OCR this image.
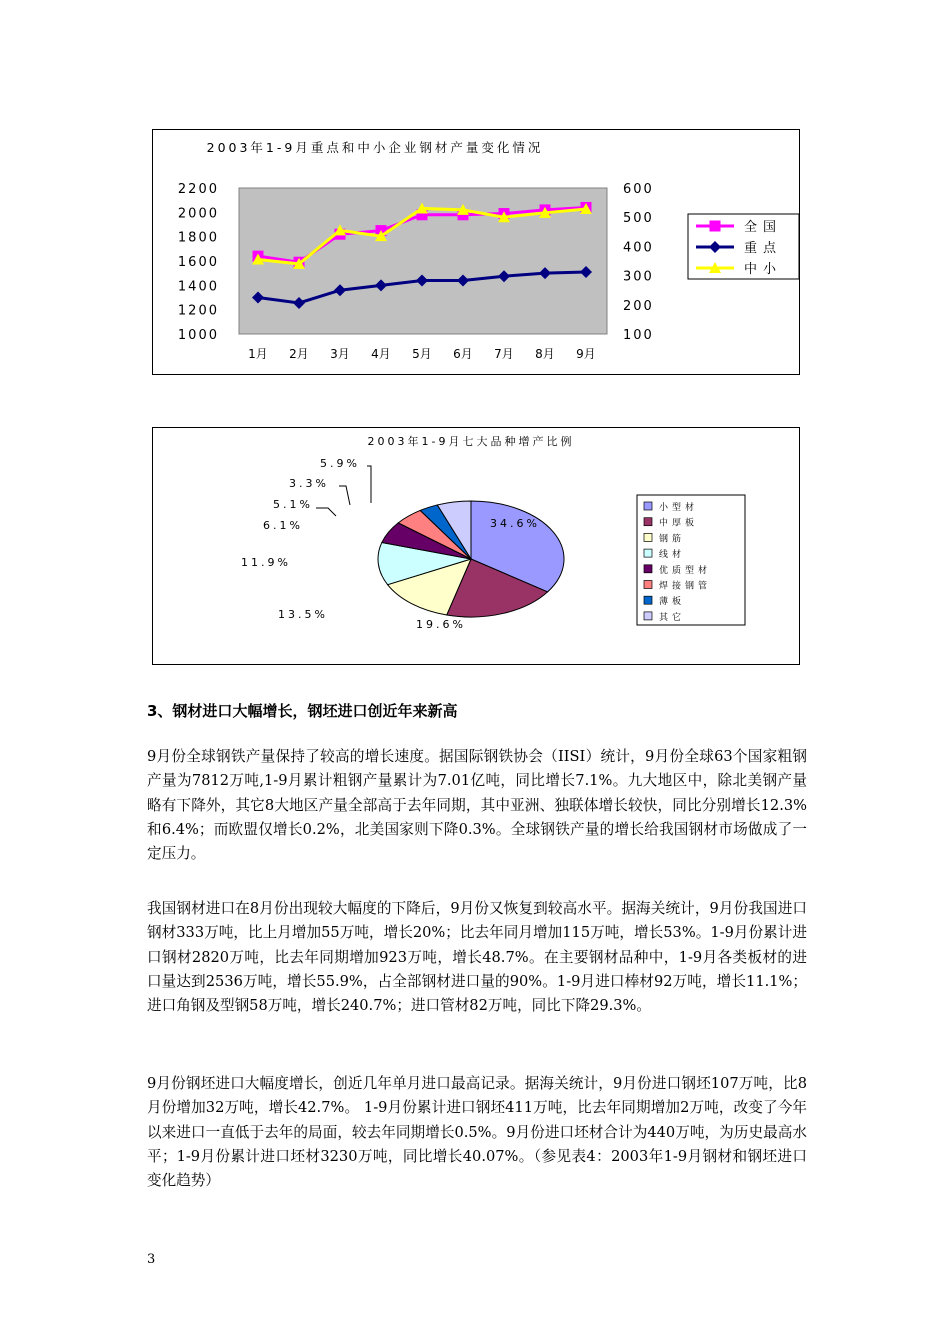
2003年1-9月重点和中小企业钢材产量变化情况
2200
2000
1800
1600
1400
1200
1000
600
500
400
300
200
100
1月 2月 3月 4月 5月 6月 7月 8月 9月
全国
重点
中小
2003年1-9月七大品种增产比例
34.6%
19.6%
13.5%
11.9%
6.1%
5.1%
3.3%
5.9%
小型材
中厚板
钢筋
线材
优质型材
焊接钢管
薄板
其它
3、钢材进口大幅增长，钢坯进口创近年来新高

9月份全球钢铁产量保持了较高的增长速度。据国际钢铁协会（IISI）统计，9月份全球63个国家粗钢产量为7812万吨,1-9月累计粗钢产量累计为7.01亿吨，同比增长7.1%。九大地区中，除北美钢产量略有下降外，其它8大地区产量全部高于去年同期，其中亚洲、独联体增长较快，同比分别增长12.3%和6.4%；而欧盟仅增长0.2%，北美国家则下降0.3%。全球钢铁产量的增长给我国钢材市场做成了一定压力。

我国钢材进口在8月份出现较大幅度的下降后，9月份又恢复到较高水平。据海关统计，9月份我国进口钢材333万吨，比上月增加55万吨，增长20%；比去年同月增加115万吨，增长53%。1-9月份累计进口钢材2820万吨，比去年同期增加923万吨，增长48.7%。在主要钢材品种中，1-9月各类板材的进口量达到2536万吨，增长55.9%，占全部钢材进口量的90%。1-9月进口棒材92万吨，增长11.1%；进口角钢及型钢58万吨，增长240.7%；进口管材82万吨，同比下降29.3%。

9月份钢坯进口大幅度增长，创近几年单月进口最高记录。据海关统计，9月份进口钢坯107万吨，比8月份增加32万吨，增长42.7%。 1-9月份累计进口钢坯411万吨，比去年同期增加2万吨，改变了今年以来进口一直低于去年的局面，较去年同期增长0.5%。9月份进口坯材合计为440万吨，为历史最高水平；1-9月份累计进口坯材3230万吨，同比增长40.07%。（参见表4：2003年1-9月钢材和钢坯进口变化趋势）

3
